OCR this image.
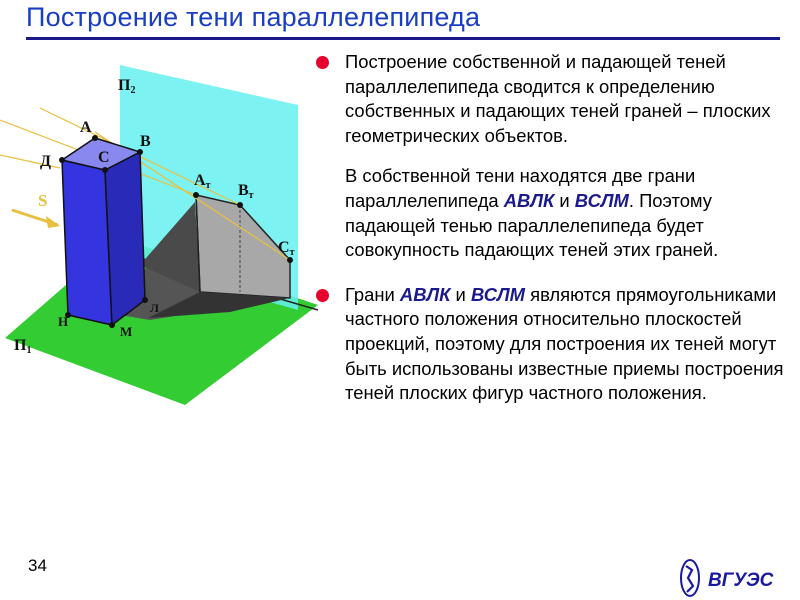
Построение тени параллелепипеда
П2
П1
A
B
C
Д
S
Aт Bт
Cт
Н
М
Л
Построение собственной и падающей теней параллелепипеда сводится к определению собственных и падающих теней граней – плоских геометрических объектов.
В собственной тени находятся две грани параллелепипеда АВЛК и ВСЛМ. Поэтому падающей тенью параллелепипеда будет совокупность падающих теней этих граней.
Грани АВЛК и ВСЛМ являются прямоугольниками частного положения относительно плоскостей проекций, поэтому для построения их теней могут быть использованы известные приемы построения теней плоских фигур частного положения.
34
ВГУЭС
